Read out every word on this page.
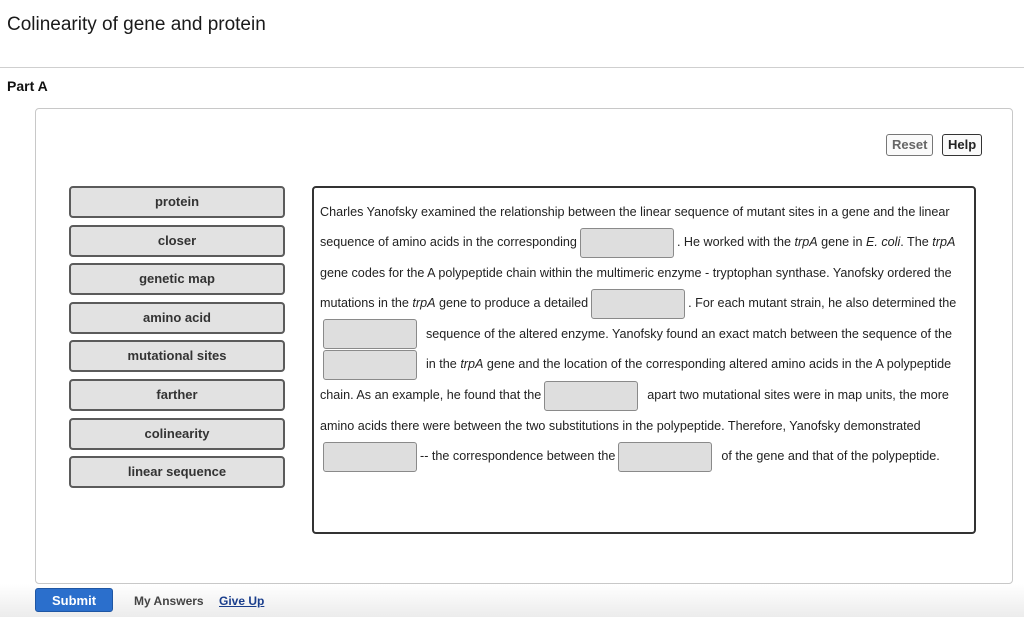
Colinearity of gene and protein
Part A
Reset	Help
protein
closer
genetic map
amino acid
mutational sites
farther
colinearity
linear sequence
Charles Yanofsky examined the relationship between the linear sequence of mutant sites in a gene and the linear sequence of amino acids in the corresponding	. He worked with the trpA gene in E. coli. The trpA gene codes for the A polypeptide chain within the multimeric enzyme - tryptophan synthase. Yanofsky ordered the mutations in the trpA gene to produce a detailed	. For each mutant strain, he also determined thesequence of the altered enzyme. Yanofsky found an exact match between the sequence of thein the trpA gene and the location of the corresponding altered amino acids in the A polypeptide chain. As an example, he found that the	apart two mutational sites were in map units, the more amino acids there were between the two substitutions in the polypeptide. Therefore, Yanofsky demonstrated-- the correspondence between the	of the gene and that of the polypeptide.
Submit	My Answers Give Up
